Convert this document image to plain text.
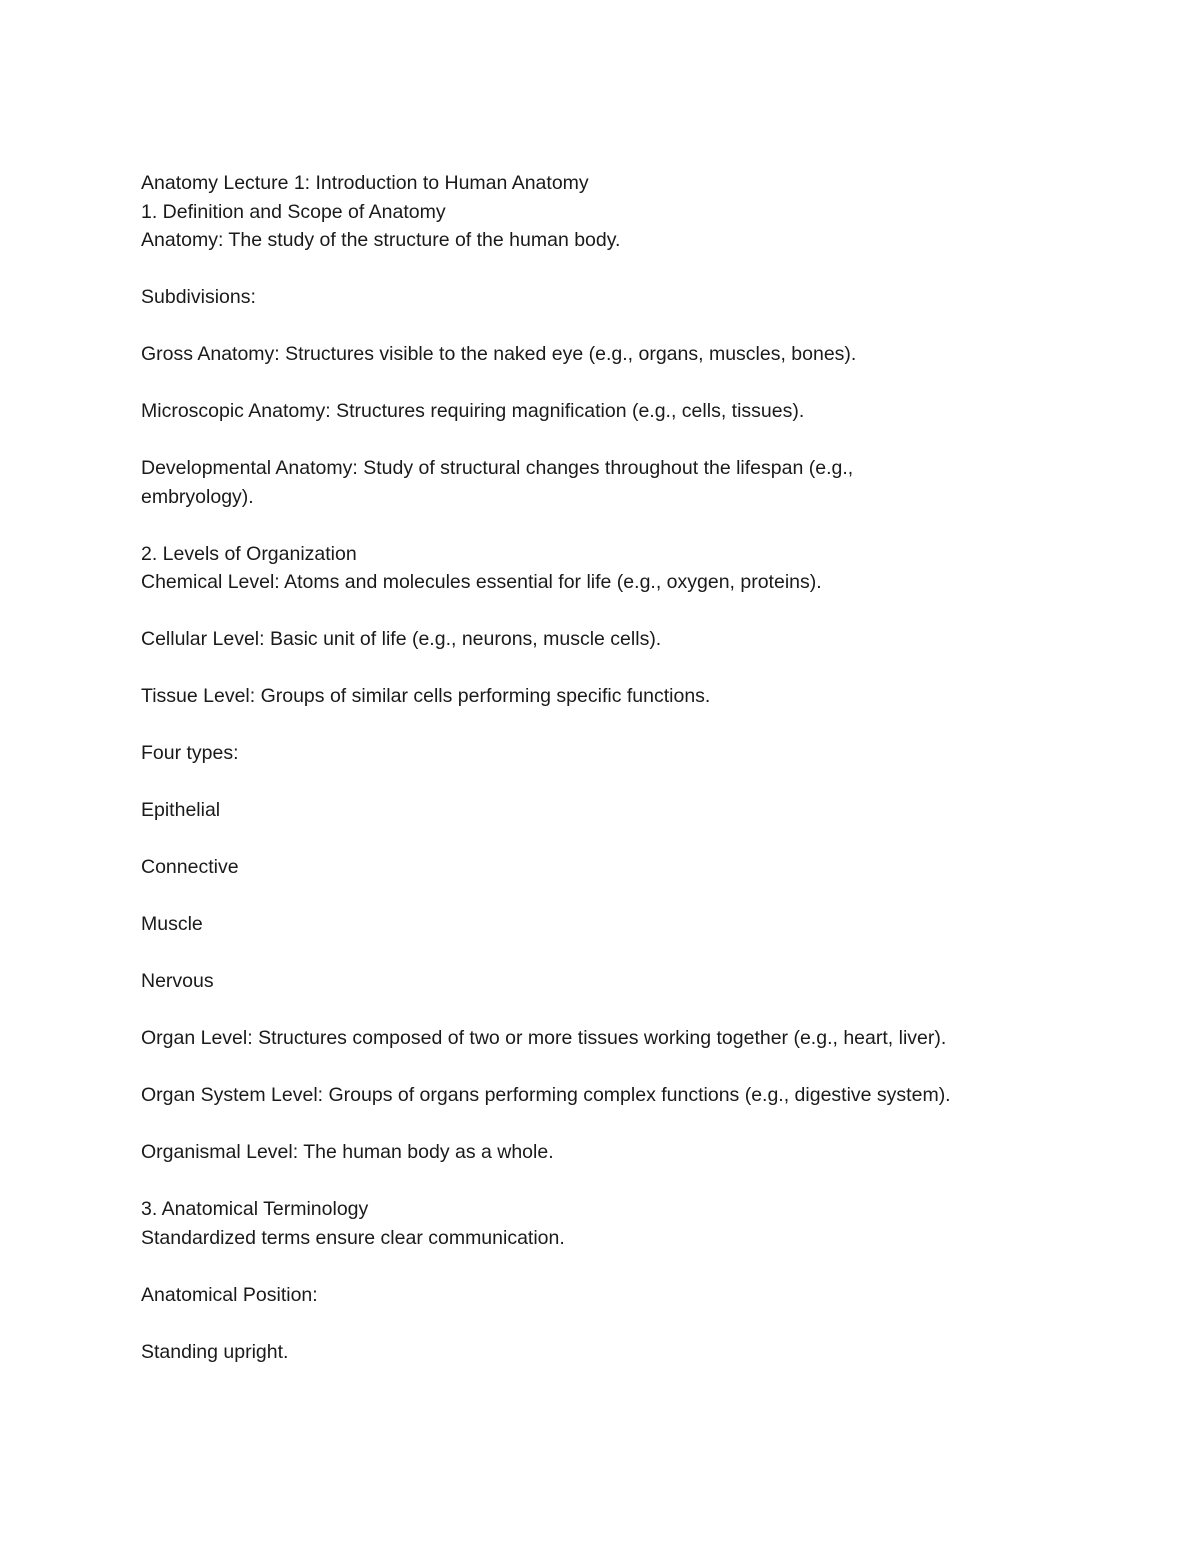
Anatomy Lecture 1: Introduction to Human Anatomy

1. Definition and Scope of Anatomy

Anatomy: The study of the structure of the human body.

Subdivisions:

Gross Anatomy: Structures visible to the naked eye (e.g., organs, muscles, bones).

Microscopic Anatomy: Structures requiring magnification (e.g., cells, tissues).

Developmental Anatomy: Study of structural changes throughout the lifespan (e.g.,

embryology).

2. Levels of Organization

Chemical Level: Atoms and molecules essential for life (e.g., oxygen, proteins).

Cellular Level: Basic unit of life (e.g., neurons, muscle cells).

Tissue Level: Groups of similar cells performing specific functions.

Four types:

Epithelial

Connective

Muscle

Nervous

Organ Level: Structures composed of two or more tissues working together (e.g., heart, liver).

Organ System Level: Groups of organs performing complex functions (e.g., digestive system).

Organismal Level: The human body as a whole.

3. Anatomical Terminology

Standardized terms ensure clear communication.

Anatomical Position:

Standing upright.
